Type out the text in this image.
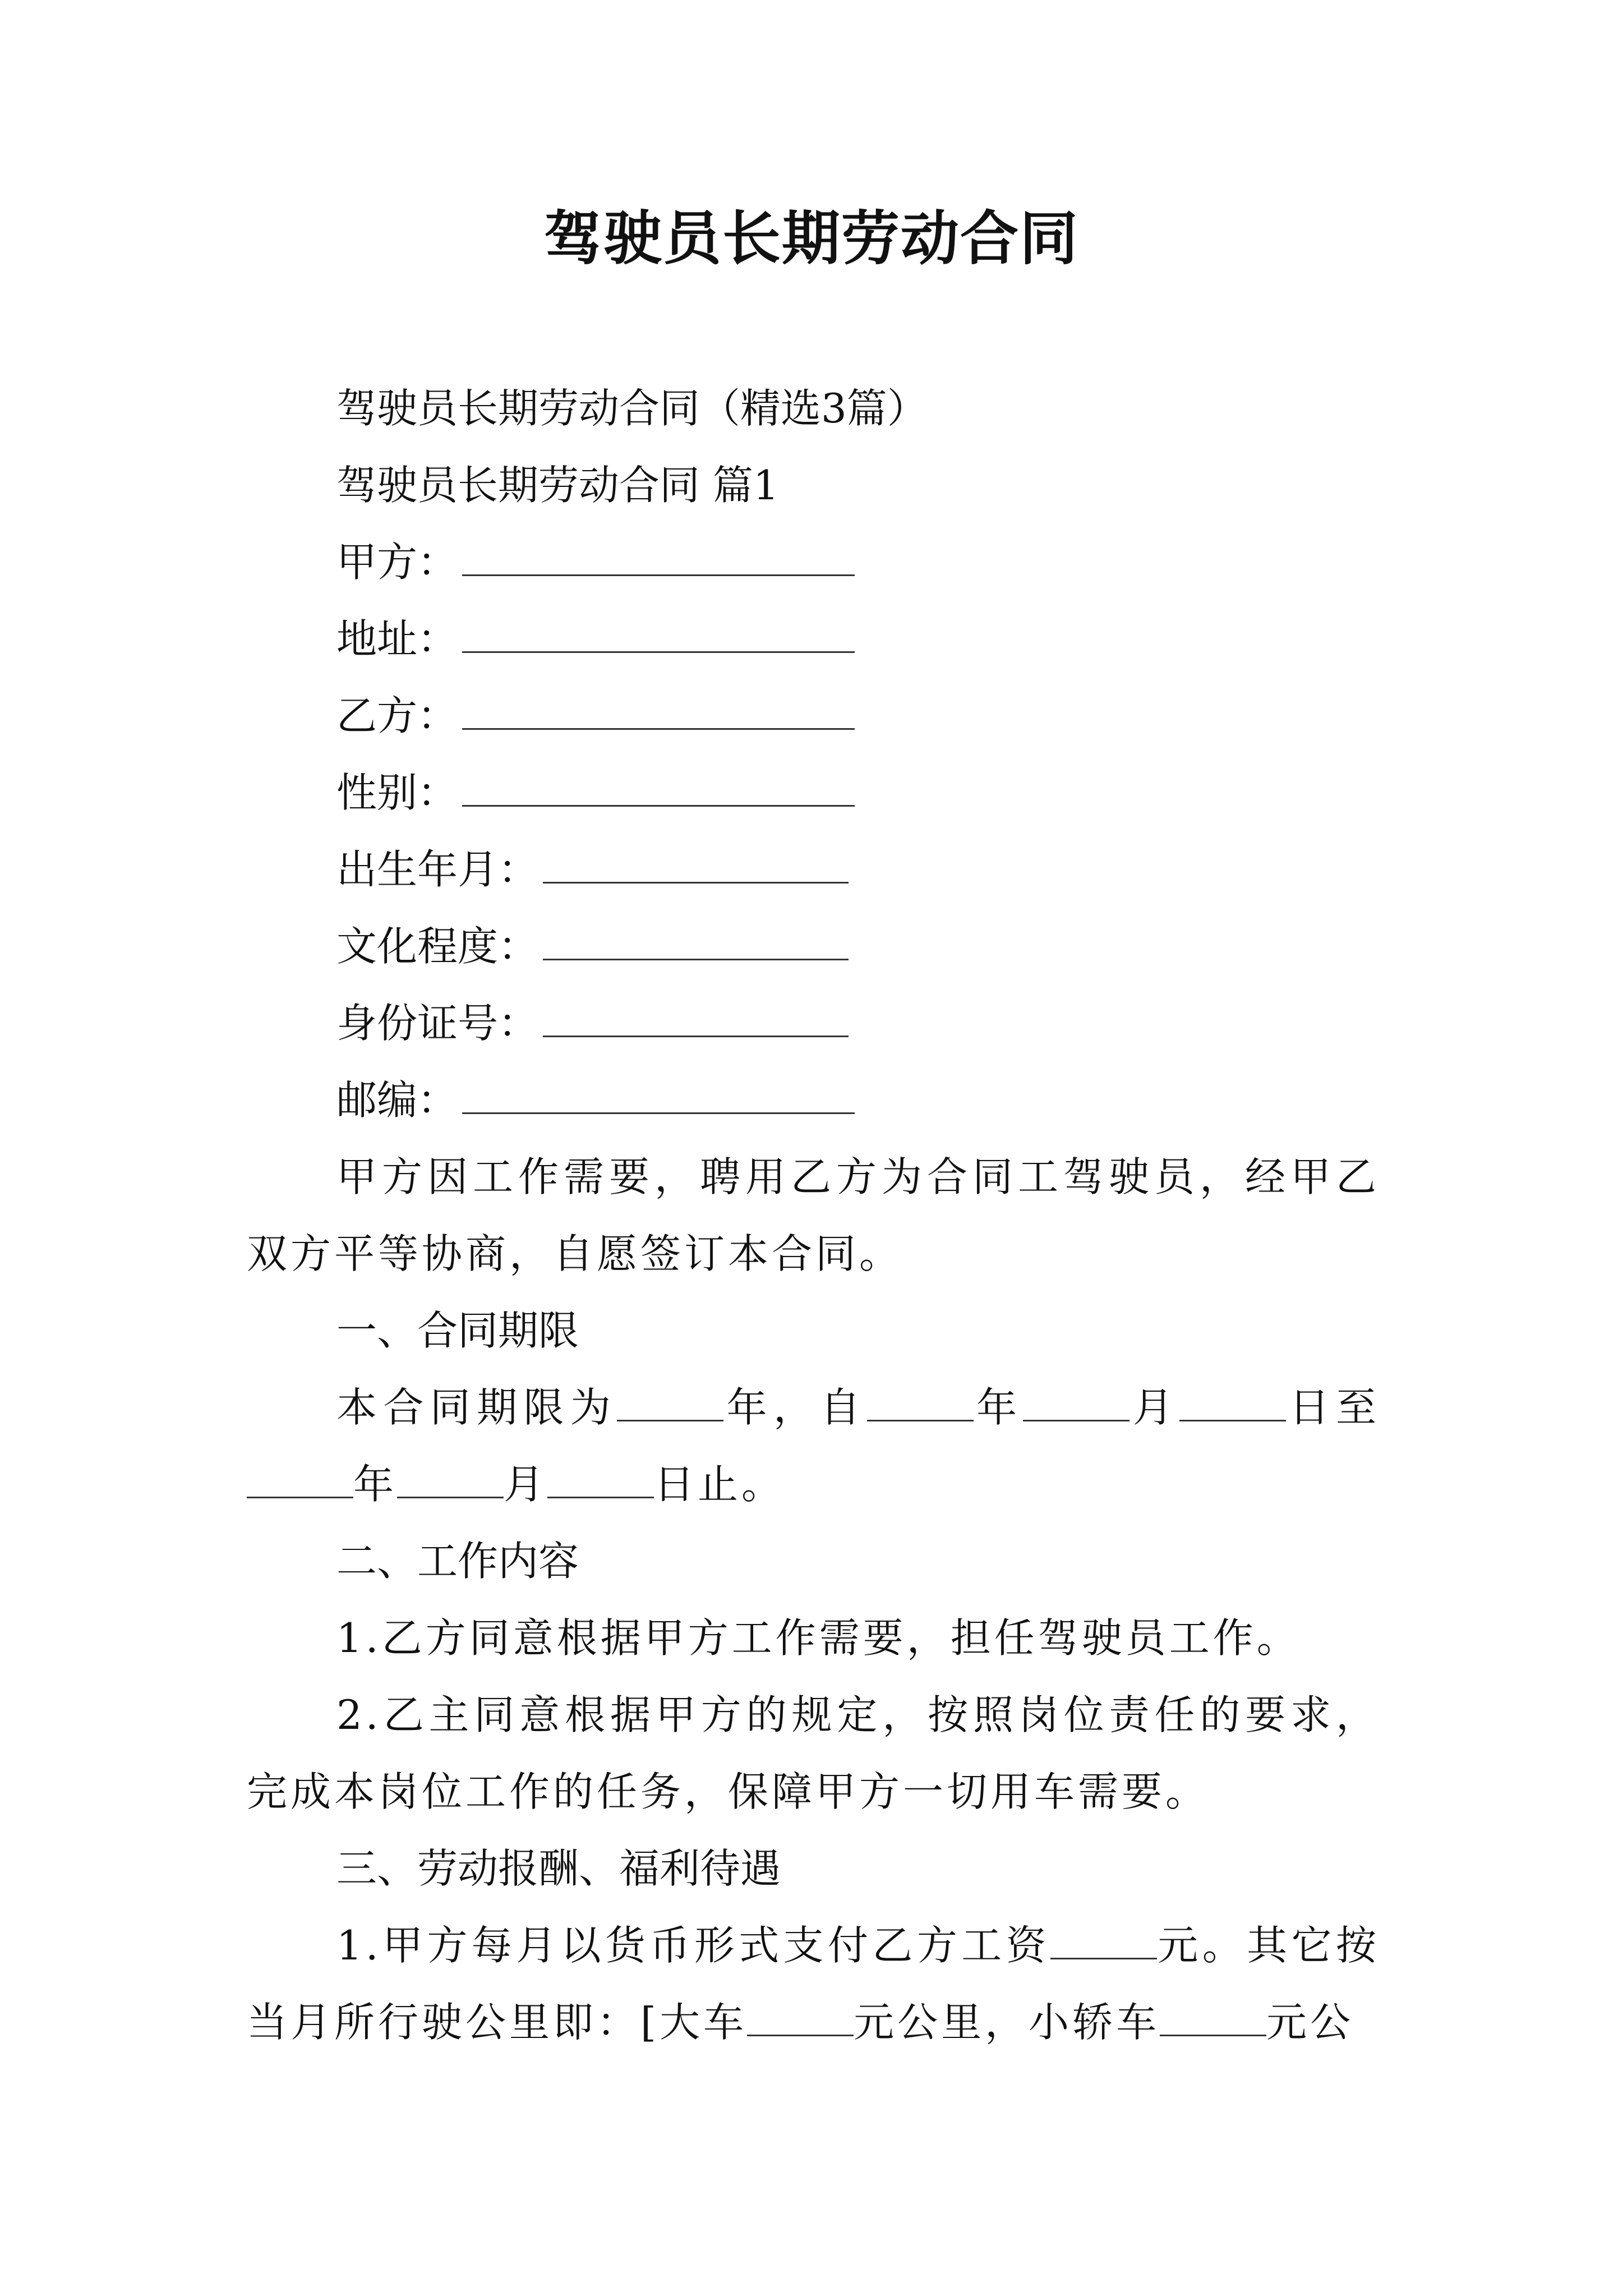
驾驶员长期劳动合同
驾驶员长期劳动合同（精选3篇）
驾驶员长期劳动合同 篇1
甲方：
地址：
乙方：
性别：
出生年月：
文化程度：
身份证号：
邮编：
甲方因工作需要，聘用乙方为合同工驾驶员，经甲乙双方平等协商，自愿签订本合同。
一、合同期限
本合同期限为	年，自	年	月	日至年	月	日止。
二、工作内容
1.乙方同意根据甲方工作需要，担任驾驶员工作。
2.乙主同意根据甲方的规定，按照岗位责任的要求，完成本岗位工作的任务，保障甲方一切用车需要。
三、劳动报酬、福利待遇
1.甲方每月以货币形式支付乙方工资	元。其它按当月所行驶公里即：[大车	元公里，小轿车	元公
